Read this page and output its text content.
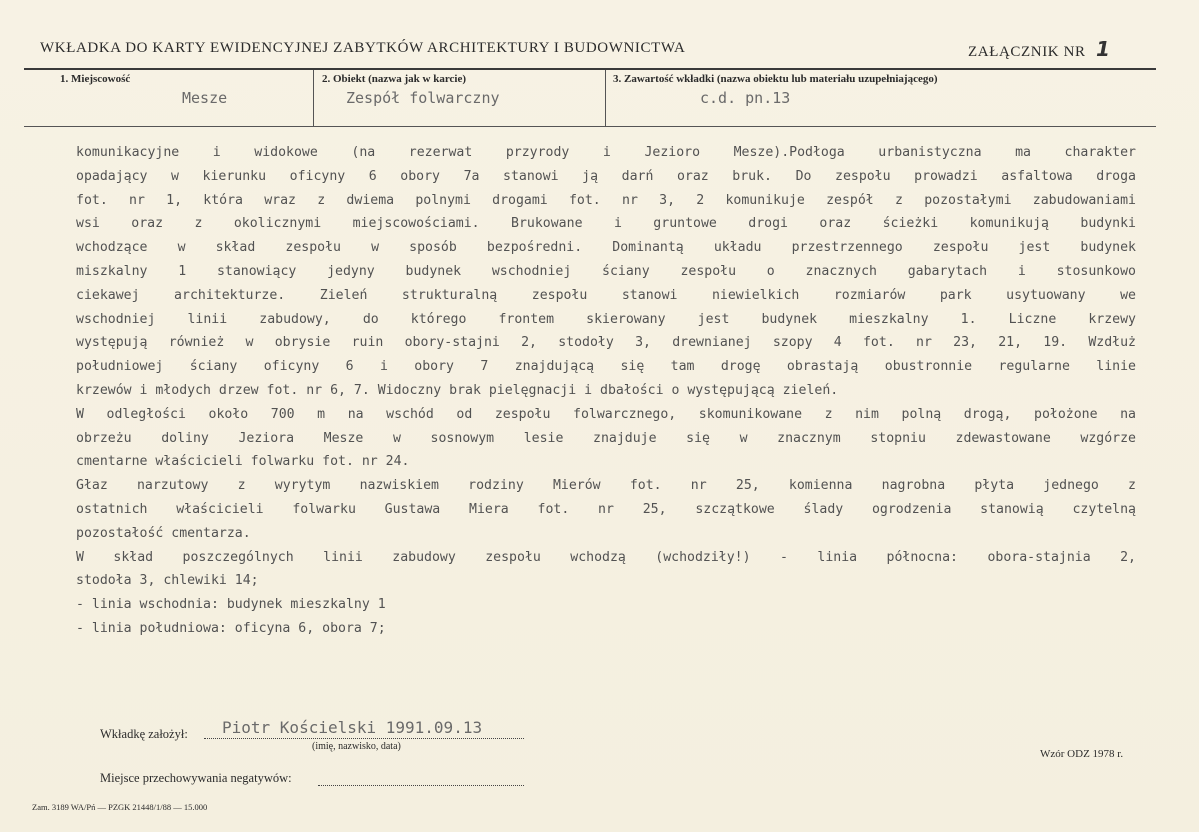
WKŁADKA DO KARTY EWIDENCYJNEJ ZABYTKÓW ARCHITEKTURY I BUDOWNICTWA	ZAŁĄCZNIK NR 1
1. Miejscowość
Mesze
2. Obiekt (nazwa jak w karcie)
Zespół folwarczny
3. Zawartość wkładki (nazwa obiektu lub materiału uzupełniającego)
c.d. pn.13
komunikacyjne i widokowe (na rezerwat przyrody i Jezioro Mesze).Podłoga urbanistyczna ma charakter
opadający w kierunku oficyny 6 obory 7a stanowi ją darń oraz bruk. Do zespołu prowadzi asfaltowa droga
fot. nr 1, która wraz z dwiema polnymi drogami fot. nr 3, 2 komunikuje zespół z pozostałymi zabudowaniami
wsi oraz z okolicznymi miejscowościami. Brukowane i gruntowe drogi oraz ścieżki komunikują budynki
wchodzące w skład zespołu w sposób bezpośredni. Dominantą układu przestrzennego zespołu jest budynek
miszkalny 1 stanowiący jedyny budynek wschodniej ściany zespołu o znacznych gabarytach i stosunkowo
ciekawej architekturze. Zieleń strukturalną zespołu stanowi niewielkich rozmiarów park usytuowany we
wschodniej linii zabudowy, do którego frontem skierowany jest budynek mieszkalny 1. Liczne krzewy
występują również w obrysie ruin obory-stajni 2, stodoły 3, drewnianej szopy 4 fot. nr 23, 21, 19. Wzdłuż
południowej ściany oficyny 6 i obory 7 znajdującą się tam drogę obrastają obustronnie regularne linie
krzewów i młodych drzew fot. nr 6, 7. Widoczny brak pielęgnacji i dbałości o występującą zieleń.
W odległości około 700 m na wschód od zespołu folwarcznego, skomunikowane z nim polną drogą, położone na
obrzeżu doliny Jeziora Mesze w sosnowym lesie znajduje się w znacznym stopniu zdewastowane wzgórze
cmentarne właścicieli folwarku fot. nr 24.
Głaz narzutowy z wyrytym nazwiskiem rodziny Mierów fot. nr 25, komienna nagrobna płyta jednego z
ostatnich właścicieli folwarku Gustawa Miera fot. nr 25, szczątkowe ślady ogrodzenia stanowią czytelną
pozostałość cmentarza.
W skład poszczególnych linii zabudowy zespołu wchodzą (wchodziły!) - linia północna: obora-stajnia 2,
stodoła 3, chlewiki 14;
- linia wschodnia: budynek mieszkalny 1
- linia południowa: oficyna 6, obora 7;
Wkładkę założył: Piotr Kościelski 1991.09.13
(imię, nazwisko, data)
Wzór ODZ 1978 r.
Miejsce przechowywania negatywów:
Zam. 3189 WA/Pń — PZGK 21448/1/88 — 15.000
